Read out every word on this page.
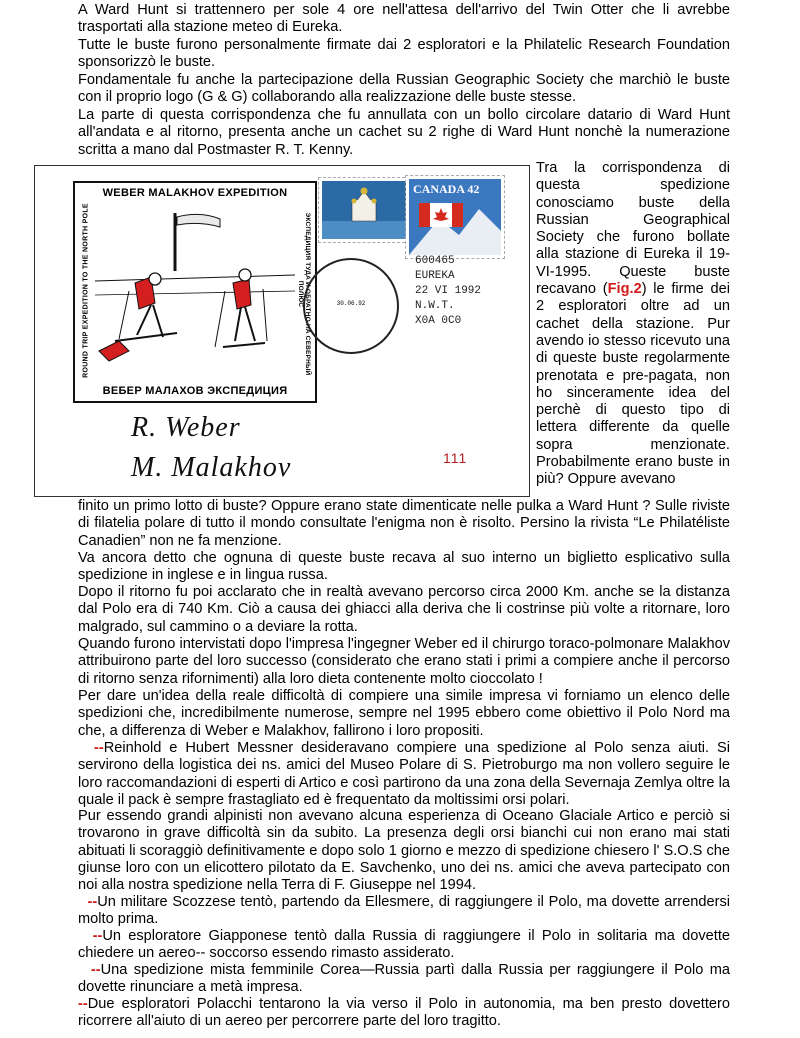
A Ward Hunt si trattennero per sole 4 ore nell'attesa dell'arrivo del Twin Otter che li avrebbe trasportati alla stazione meteo di Eureka.

Tutte le buste furono personalmente firmate dai 2 esploratori e la Philatelic Research Foundation sponsorizzò le buste.

Fondamentale fu anche la partecipazione della Russian Geographic Society che marchiò le buste con il proprio logo (G & G) collaborando alla realizzazione delle buste stesse.

La parte di questa corrispondenza che fu annullata con un bollo circolare datario di Ward Hunt all'andata e al ritorno, presenta anche un cachet su 2 righe di Ward Hunt nonchè la numerazione scritta a mano dal Postmaster R. T. Kenny.

WEBER MALAKHOV EXPEDITION
ROUND TRIP EXPEDITION TO THE NORTH POLE	ЭКСПЕДИЦИЯ ТУДА И ОБРАТНО НА СЕВЕРНЫЙ ПОЛЮС
ВЕБЕР МАЛАХОВ ЭКСПЕДИЦИЯ
CANADA 42
30.06.92
600465
EUREKA
22 VI 1992
N.W.T.
X0A 0C0
R. Weber
M. Malakhov	111

Tra la corrispondenza di questa spedizione conosciamo buste della Russian Geographical Society che furono bollate alla stazione di Eureka il 19-VI-1995. Queste buste recavano (Fig.2) le firme dei 2 esploratori oltre ad un cachet della stazione. Pur avendo io stesso ricevuto una di queste buste regolarmente prenotata e pre-pagata, non ho sinceramente idea del perchè di questo tipo di lettera differente da quelle sopra menzionate. Probabilmente erano buste in più? Oppure avevano

finito un primo lotto di buste? Oppure erano state dimenticate nelle pulka a Ward Hunt ? Sulle riviste di filatelia polare di tutto il mondo consultate l'enigma non è risolto. Persino la rivista “Le Philatéliste Canadien” non ne fa menzione.

Va ancora detto che ognuna di queste buste recava al suo interno un biglietto esplicativo sulla spedizione in inglese e in lingua russa.

Dopo il ritorno fu poi acclarato che in realtà avevano percorso circa 2000 Km. anche se la distanza dal Polo era di 740 Km. Ciò a causa dei ghiacci alla deriva che li costrinse più volte a ritornare, loro malgrado, sul cammino o a deviare la rotta.

Quando furono intervistati dopo l'impresa l'ingegner Weber ed il chirurgo toraco-polmonare Malakhov attribuirono parte del loro successo (considerato che erano stati i primi a compiere anche il percorso di ritorno senza rifornimenti) alla loro dieta contenente molto cioccolato !

Per dare un'idea della reale difficoltà di compiere una simile impresa vi forniamo un elenco delle spedizioni che, incredibilmente numerose, sempre nel 1995 ebbero come obiettivo il Polo Nord ma che, a differenza di Weber e Malakhov, fallirono i loro propositi.

--Reinhold e Hubert Messner desideravano compiere una spedizione al Polo senza aiuti. Si servirono della logistica dei ns. amici del Museo Polare di S. Pietroburgo ma non vollero seguire le loro raccomandazioni di esperti di Artico e così partirono da una zona della Severnaja Zemlya oltre la quale il pack è sempre frastagliato ed è frequentato da moltissimi orsi polari.

Pur essendo grandi alpinisti non avevano alcuna esperienza di Oceano Glaciale Artico e perciò si trovarono in grave difficoltà sin da subito. La presenza degli orsi bianchi cui non erano mai stati abituati li scoraggiò definitivamente e dopo solo 1 giorno e mezzo di spedizione chiesero l' S.O.S che giunse loro con un elicottero pilotato da E. Savchenko, uno dei ns. amici che aveva partecipato con noi alla nostra spedizione nella Terra di F. Giuseppe nel 1994.

--Un militare Scozzese tentò, partendo da Ellesmere, di raggiungere il Polo, ma dovette arrendersi molto prima.

--Un esploratore Giapponese tentò dalla Russia di raggiungere il Polo in solitaria ma dovette chiedere un aereo-- soccorso essendo rimasto assiderato.

--Una spedizione mista femminile Corea—Russia partì dalla Russia per raggiungere il Polo ma dovette rinunciare a metà impresa.

--Due esploratori Polacchi tentarono la via verso il Polo in autonomia, ma ben presto dovettero ricorrere all'aiuto di un aereo per percorrere parte del loro tragitto.
